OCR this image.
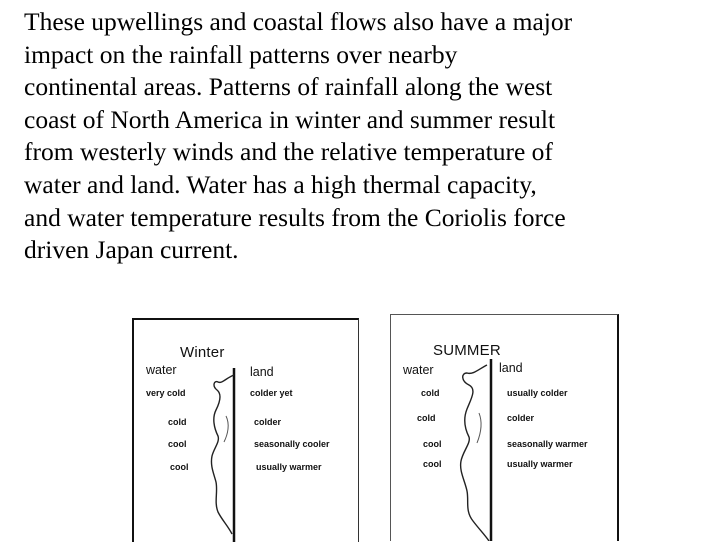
These upwellings and coastal flows also have a major
impact on the rainfall patterns over nearby
continental areas. Patterns of rainfall along the west
coast of North America in winter and summer result
from westerly winds and the relative temperature of
water and land. Water has a high thermal capacity,
and water temperature results from the Coriolis force
driven Japan current.
Winter
water	land
very cold	colder yet
cold	colder
cool	seasonally cooler
cool	usually warmer
SUMMER
water	land
cold	usually colder
cold	colder
cool	seasonally warmer
cool	usually warmer
